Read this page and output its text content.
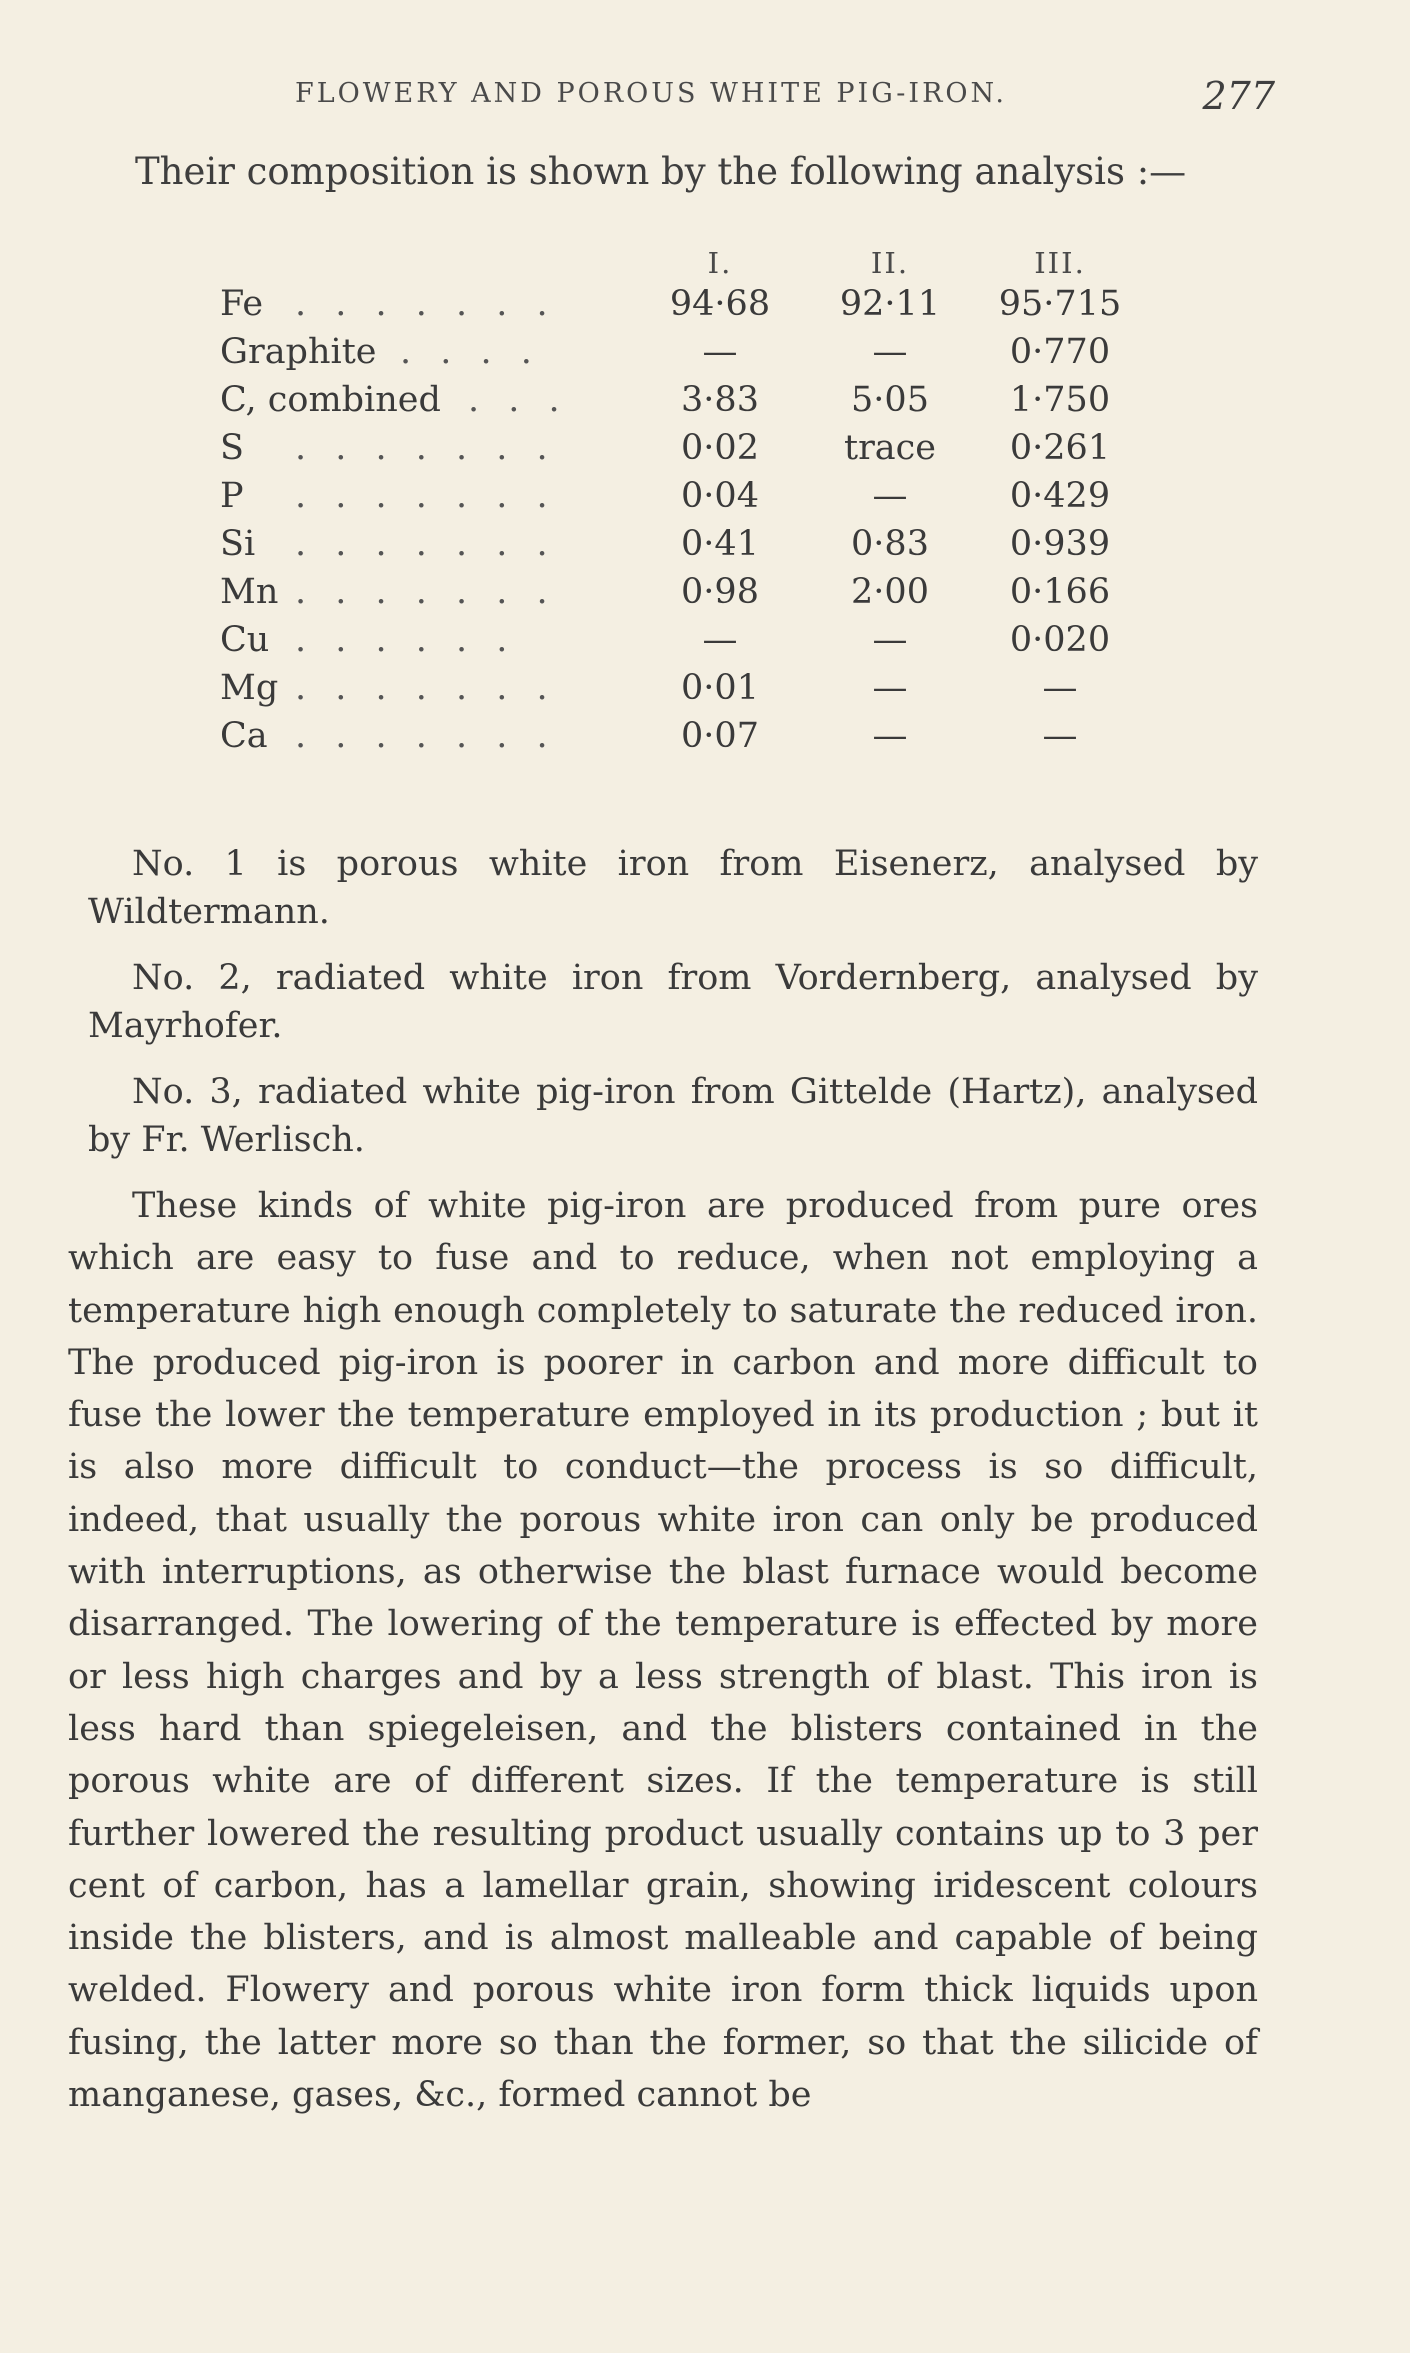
FLOWERY AND POROUS WHITE PIG-IRON.	277
Their composition is shown by the following analysis :—
I.	II.	III.
Fe . . . . . . .	94·68	92·11	95·715
Graphite . . . .	—	—	0·770
C, combined . . .	3·83	5·05	1·750
S . . . . . . .	0·02	trace	0·261
P . . . . . . .	0·04	—	0·429
Si . . . . . . .	0·41	0·83	0·939
Mn . . . . . . .	0·98	2·00	0·166
Cu . . . . . .	—	—	0·020
Mg . . . . . . .	0·01	—	—
Ca . . . . . . .	0·07	—	—

No. 1 is porous white iron from Eisenerz, analysed by Wildtermann.

No. 2, radiated white iron from Vordernberg, analysed by Mayrhofer.

No. 3, radiated white pig-iron from Gittelde (Hartz), analysed by Fr. Werlisch.

These kinds of white pig-iron are produced from pure ores which are easy to fuse and to reduce, when not employing a temperature high enough completely to saturate the reduced iron. The produced pig-iron is poorer in carbon and more difficult to fuse the lower the temperature employed in its production ; but it is also more difficult to conduct—the process is so difficult, indeed, that usually the porous white iron can only be produced with interruptions, as otherwise the blast furnace would become disarranged. The lowering of the temperature is effected by more or less high charges and by a less strength of blast. This iron is less hard than spiegeleisen, and the blisters contained in the porous white are of different sizes. If the temperature is still further lowered the resulting product usually contains up to 3 per cent of carbon, has a lamellar grain, showing iridescent colours inside the blisters, and is almost malleable and capable of being welded. Flowery and porous white iron form thick liquids upon fusing, the latter more so than the former, so that the silicide of manganese, gases, &c., formed cannot be
